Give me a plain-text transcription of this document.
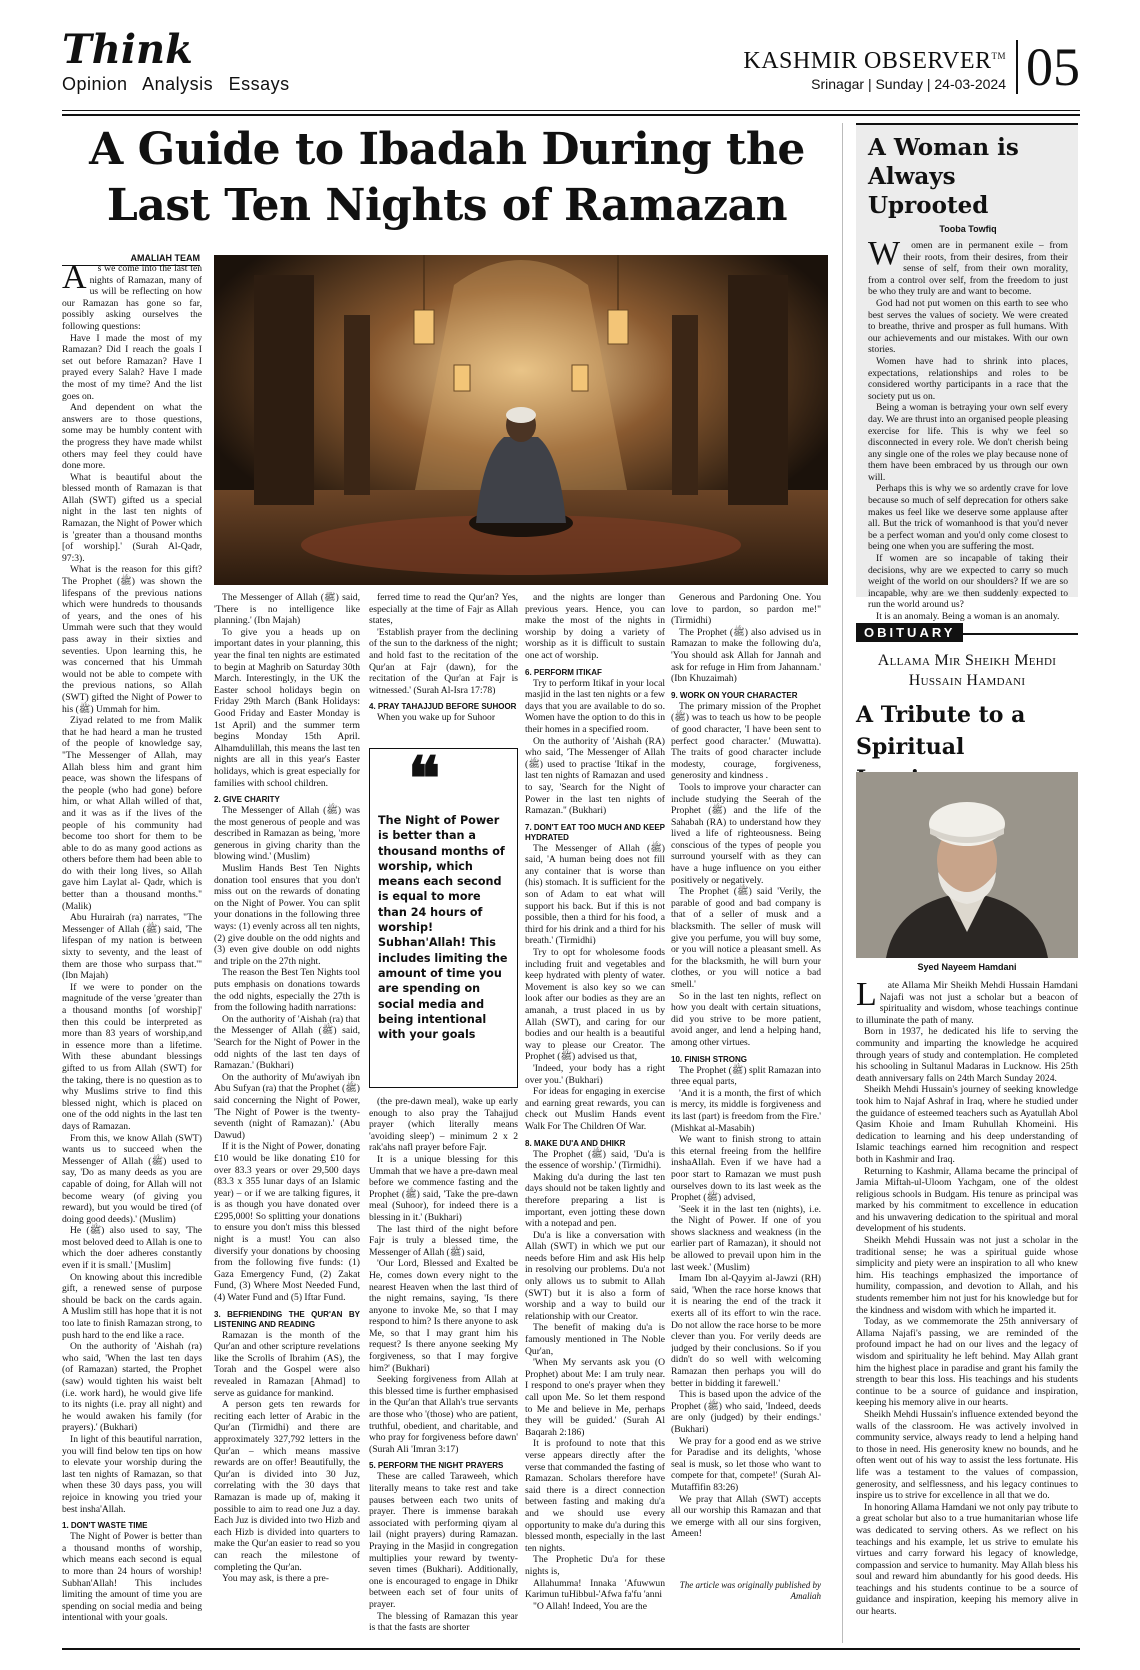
Think
Opinion Analysis Essays
KASHMIR OBSERVER™
Srinagar | Sunday | 24-03-2024 05
A Guide to Ibadah During the
Last Ten Nights of Ramazan
AMALIAH TEAM
A	s we come into the last ten nights of Ramazan, many of us will be reflecting on how our Ramazan has gone so far, possibly asking ourselves the following questions:

Have I made the most of my Ramazan? Did I reach the goals I set out before Ramazan? Have I prayed every Salah? Have I made the most of my time? And the list goes on.

And dependent on what the answers are to those questions, some may be humbly content with the progress they have made whilst others may feel they could have done more.

What is beautiful about the blessed month of Ramazan is that Allah (SWT) gifted us a special night in the last ten nights of Ramazan, the Night of Power which is 'greater than a thousand months [of worship].' (Surah Al-Qadr, 97:3).

What is the reason for this gift? The Prophet (ﷺ) was shown the lifespans of the previous nations which were hundreds to thousands of years, and the ones of his Ummah were such that they would pass away in their sixties and seventies. Upon learning this, he was concerned that his Ummah would not be able to compete with the previous nations, so Allah (SWT) gifted the Night of Power to his (ﷺ) Ummah for him.

Ziyad related to me from Malik that he had heard a man he trusted of the people of knowledge say, "The Messenger of Allah, may Allah bless him and grant him peace, was shown the lifespans of the people (who had gone) before him, or what Allah willed of that, and it was as if the lives of the people of his community had become too short for them to be able to do as many good actions as others before them had been able to do with their long lives, so Allah gave him Laylat al- Qadr, which is better than a thousand months." (Malik)

Abu Hurairah (ra) narrates, "The Messenger of Allah (ﷺ) said, 'The lifespan of my nation is between sixty to seventy, and the least of them are those who surpass that.'" (Ibn Majah)

If we were to ponder on the magnitude of the verse 'greater than a thousand months [of worship]' then this could be interpreted as more than 83 years of worship,and in essence more than a lifetime. With these abundant blessings gifted to us from Allah (SWT) for the taking, there is no question as to why Muslims strive to find this blessed night, which is placed on one of the odd nights in the last ten days of Ramazan.

From this, we know Allah (SWT) wants us to succeed when the Messenger of Allah (ﷺ) used to say, 'Do as many deeds as you are capable of doing, for Allah will not become weary (of giving you reward), but you would be tired (of doing good deeds).' (Muslim)

He (ﷺ) also used to say, 'The most beloved deed to Allah is one to which the doer adheres constantly even if it is small.' [Muslim]

On knowing about this incredible gift, a renewed sense of purpose should be back on the cards again. A Muslim still has hope that it is not too late to finish Ramazan strong, to push hard to the end like a race.

On the authority of 'Aishah (ra) who said, 'When the last ten days (of Ramazan) started, the Prophet (saw) would tighten his waist belt (i.e. work hard), he would give life to its nights (i.e. pray all night) and he would awaken his family (for prayers).' (Bukhari)

In light of this beautiful narration, you will find below ten tips on how to elevate your worship during the last ten nights of Ramazan, so that when these 30 days pass, you will rejoice in knowing you tried your best insha'Allah.

1. DON'T WASTE TIME

The Night of Power is better than a thousand months of worship, which means each second is equal to more than 24 hours of worship! Subhan'Allah! This includes limiting the amount of time you are spending on social media and being intentional with your goals.

The Messenger of Allah (ﷺ) said, 'There is no intelligence like planning.' (Ibn Majah)

To give you a heads up on important dates in your planning, this year the final ten nights are estimated to begin at Maghrib on Saturday 30th March. Interestingly, in the UK the Easter school holidays begin on Friday 29th March (Bank Holidays: Good Friday and Easter Monday is 1st April) and the summer term begins Monday 15th April. Alhamdulillah, this means the last ten nights are all in this year's Easter holidays, which is great especially for families with school children.

2. GIVE CHARITY

The Messenger of Allah (ﷺ) was the most generous of people and was described in Ramazan as being, 'more generous in giving charity than the blowing wind.' (Muslim)

Muslim Hands Best Ten Nights donation tool ensures that you don't miss out on the rewards of donating on the Night of Power. You can split your donations in the following three ways: (1) evenly across all ten nights, (2) give double on the odd nights and (3) even give double on odd nights and triple on the 27th night.

The reason the Best Ten Nights tool puts emphasis on donations towards the odd nights, especially the 27th is from the following hadith narrations:

On the authority of 'Aishah (ra) that the Messenger of Allah (ﷺ) said, 'Search for the Night of Power in the odd nights of the last ten days of Ramazan.' (Bukhari)

On the authority of Mu'awiyah ibn Abu Sufyan (ra) that the Prophet (ﷺ) said concerning the Night of Power, 'The Night of Power is the twenty-seventh (night of Ramazan).' (Abu Dawud)

If it is the Night of Power, donating £10 would be like donating £10 for over 83.3 years or over 29,500 days (83.3 x 355 lunar days of an Islamic year) – or if we are talking figures, it is as though you have donated over £295,000! So splitting your donations to ensure you don't miss this blessed night is a must! You can also diversify your donations by choosing from the following five funds: (1) Gaza Emergency Fund, (2) Zakat Fund, (3) Where Most Needed Fund, (4) Water Fund and (5) Iftar Fund.

3. BEFRIENDING THE QUR'AN BY LISTENING AND READING

Ramazan is the month of the Qur'an and other scripture revelations like the Scrolls of Ibrahim (AS), the Torah and the Gospel were also revealed in Ramazan [Ahmad] to serve as guidance for mankind.

A person gets ten rewards for reciting each letter of Arabic in the Qur'an (Tirmidhi) and there are approximately 327,792 letters in the Qur'an – which means massive rewards are on offer! Beautifully, the Qur'an is divided into 30 Juz, correlating with the 30 days that Ramazan is made up of, making it possible to aim to read one Juz a day. Each Juz is divided into two Hizb and each Hizb is divided into quarters to make the Qur'an easier to read so you can reach the milestone of completing the Qur'an.

You may ask, is there a pre-

ferred time to read the Qur'an? Yes, especially at the time of Fajr as Allah states,

'Establish prayer from the declining of the sun to the darkness of the night; and hold fast to the recitation of the Qur'an at Fajr (dawn), for the recitation of the Qur'an at Fajr is witnessed.' (Surah Al-Isra 17:78)

4. PRAY TAHAJJUD BEFORE SUHOOR

When you wake up for Suhoor

❝
The Night of Power is better than a thousand months of worship, which means each second is equal to more than 24 hours of worship! Subhan'Allah! This includes limiting the amount of time you are spending on social media and being intentional with your goals

(the pre-dawn meal), wake up early enough to also pray the Tahajjud prayer (which literally means 'avoiding sleep') – minimum 2 x 2 rak'ahs nafl prayer before Fajr.

It is a unique blessing for this Ummah that we have a pre-dawn meal before we commence fasting and the Prophet (ﷺ) said, 'Take the pre-dawn meal (Suhoor), for indeed there is a blessing in it.' (Bukhari)

The last third of the night before Fajr is truly a blessed time, the Messenger of Allah (ﷺ) said,

'Our Lord, Blessed and Exalted be He, comes down every night to the nearest Heaven when the last third of the night remains, saying, 'Is there anyone to invoke Me, so that I may respond to him? Is there anyone to ask Me, so that I may grant him his request? Is there anyone seeking My forgiveness, so that I may forgive him?' (Bukhari)

Seeking forgiveness from Allah at this blessed time is further emphasised in the Qur'an that Allah's true servants are those who '(those) who are patient, truthful, obedient, and charitable, and who pray for forgiveness before dawn' (Surah Ali 'Imran 3:17)

5. PERFORM THE NIGHT PRAYERS

These are called Taraweeh, which literally means to take rest and take pauses between each two units of prayer. There is immense barakah associated with performing qiyam al lail (night prayers) during Ramazan. Praying in the Masjid in congregation multiplies your reward by twenty-seven times (Bukhari). Additionally, one is encouraged to engage in Dhikr between each set of four units of prayer.

The blessing of Ramazan this year is that the fasts are shorter

and the nights are longer than previous years. Hence, you can make the most of the nights in worship by doing a variety of worship as it is difficult to sustain one act of worship.

6. PERFORM ITIKAF

Try to perform Itikaf in your local masjid in the last ten nights or a few days that you are available to do so. Women have the option to do this in their homes in a specified room.

On the authority of 'Aishah (RA) who said, 'The Messenger of Allah (ﷺ) used to practise 'Itikaf in the last ten nights of Ramazan and used to say, 'Search for the Night of Power in the last ten nights of Ramazan.'' (Bukhari)

7. DON'T EAT TOO MUCH AND KEEP HYDRATED

The Messenger of Allah (ﷺ) said, 'A human being does not fill any container that is worse than (his) stomach. It is sufficient for the son of Adam to eat what will support his back. But if this is not possible, then a third for his food, a third for his drink and a third for his breath.' (Tirmidhi)

Try to opt for wholesome foods including fruit and vegetables and keep hydrated with plenty of water. Movement is also key so we can look after our bodies as they are an amanah, a trust placed in us by Allah (SWT), and caring for our bodies and our health is a beautiful way to please our Creator. The Prophet (ﷺ) advised us that,

'Indeed, your body has a right over you.' (Bukhari)

For ideas for engaging in exercise and earning great rewards, you can check out Muslim Hands event Walk For The Children Of War.

8. MAKE DU'A AND DHIKR

The Prophet (ﷺ) said, 'Du'a is the essence of worship.' (Tirmidhi).

Making du'a during the last ten days should not be taken lightly and therefore preparing a list is important, even jotting these down with a notepad and pen.

Du'a is like a conversation with Allah (SWT) in which we put our needs before Him and ask His help in resolving our problems. Du'a not only allows us to submit to Allah (SWT) but it is also a form of worship and a way to build our relationship with our Creator.

The benefit of making du'a is famously mentioned in The Noble Qur'an,

'When My servants ask you (O Prophet) about Me: I am truly near. I respond to one's prayer when they call upon Me. So let them respond to Me and believe in Me, perhaps they will be guided.' (Surah Al Baqarah 2:186)

It is profound to note that this verse appears directly after the verse that commanded the fasting of Ramazan. Scholars therefore have said there is a direct connection between fasting and making du'a and we should use every opportunity to make du'a during this blessed month, especially in the last ten nights.

The Prophetic Du'a for these nights is,

Allahumma! Innaka 'Afuwwun Karimun tuHibbul-'Afwa fa'fu 'anni

"O Allah! Indeed, You are the

Generous and Pardoning One. You love to pardon, so pardon me!" (Tirmidhi)

The Prophet (ﷺ) also advised us in Ramazan to make the following du'a, 'You should ask Allah for Jannah and ask for refuge in Him from Jahannam.' (Ibn Khuzaimah)

9. WORK ON YOUR CHARACTER

The primary mission of the Prophet (ﷺ) was to teach us how to be people of good character, 'I have been sent to perfect good character.' (Muwatta). The traits of good character include modesty, courage, forgiveness, generosity and kindness .

Tools to improve your character can include studying the Seerah of the Prophet (ﷺ) and the life of the Sahabah (RA) to understand how they lived a life of righteousness. Being conscious of the types of people you surround yourself with as they can have a huge influence on you either positively or negatively.

The Prophet (ﷺ) said 'Verily, the parable of good and bad company is that of a seller of musk and a blacksmith. The seller of musk will give you perfume, you will buy some, or you will notice a pleasant smell. As for the blacksmith, he will burn your clothes, or you will notice a bad smell.'

So in the last ten nights, reflect on how you dealt with certain situations, did you strive to be more patient, avoid anger, and lend a helping hand, among other virtues.

10. FINISH STRONG

The Prophet (ﷺ) split Ramazan into three equal parts,

'And it is a month, the first of which is mercy, its middle is forgiveness and its last (part) is freedom from the Fire.' (Mishkat al-Masabih)

We want to finish strong to attain this eternal freeing from the hellfire inshaAllah. Even if we have had a poor start to Ramazan we must push ourselves down to its last week as the Prophet (ﷺ) advised,

'Seek it in the last ten (nights), i.e. the Night of Power. If one of you shows slackness and weakness (in the earlier part of Ramazan), it should not be allowed to prevail upon him in the last week.' (Muslim)

Imam Ibn al-Qayyim al-Jawzi (RH) said, 'When the race horse knows that it is nearing the end of the track it exerts all of its effort to win the race. Do not allow the race horse to be more clever than you. For verily deeds are judged by their conclusions. So if you didn't do so well with welcoming Ramazan then perhaps you will do better in bidding it farewell.'

This is based upon the advice of the Prophet (ﷺ) who said, 'Indeed, deeds are only (judged) by their endings.' (Bukhari)

We pray for a good end as we strive for Paradise and its delights, 'whose seal is musk, so let those who want to compete for that, compete!' (Surah Al-Mutaffifin 83:26)

We pray that Allah (SWT) accepts all our worship this Ramazan and that we emerge with all our sins forgiven, Ameen!

The article was originally published by Amaliah
A Woman is
Always Uprooted
Tooba Towfiq
W	omen are in permanent exile – from their roots, from their desires, from their sense of self, from their own morality, from a control over self, from the freedom to just be who they truly are and want to become.

God had not put women on this earth to see who best serves the values of society. We were created to breathe, thrive and prosper as full humans. With our achievements and our mistakes. With our own stories.

Women have had to shrink into places, expectations, relationships and roles to be considered worthy participants in a race that the society put us on.

Being a woman is betraying your own self every day. We are thrust into an organised people pleasing exercise for life. This is why we feel so disconnected in every role. We don't cherish being any single one of the roles we play because none of them have been embraced by us through our own will.

Perhaps this is why we so ardently crave for love because so much of self deprecation for others sake makes us feel like we deserve some applause after all. But the trick of womanhood is that you'd never be a perfect woman and you'd only come closest to being one when you are suffering the most.

If women are so incapable of taking their decisions, why are we expected to carry so much weight of the world on our shoulders? If we are so incapable, why are we then suddenly expected to run the world around us?

It is an anomaly. Being a woman is an anomaly.

OBITUARY
Allama Mir Sheikh Mehdi
Hussain Hamdani
A Tribute to a
Spiritual
Syed Nayeem Hamdani
L	ate Allama Mir Sheikh Mehdi Hussain Hamdani Najafi was not just a scholar but a beacon of spirituality and wisdom, whose teachings continue to illuminate the path of many.

Born in 1937, he dedicated his life to serving the community and imparting the knowledge he acquired through years of study and contemplation. He completed his schooling in Sultanul Madaras in Lucknow. His 25th death anniversary falls on 24th March Sunday 2024.

Sheikh Mehdi Hussain's journey of seeking knowledge took him to Najaf Ashraf in Iraq, where he studied under the guidance of esteemed teachers such as Ayatullah Abol Qasim Khoie and Imam Ruhullah Khomeini. His dedication to learning and his deep understanding of Islamic teachings earned him recognition and respect both in Kashmir and Iraq.

Returning to Kashmir, Allama became the principal of Jamia Miftah-ul-Uloom Yachgam, one of the oldest religious schools in Budgam. His tenure as principal was marked by his commitment to excellence in education and his unwavering dedication to the spiritual and moral development of his students.

Sheikh Mehdi Hussain was not just a scholar in the traditional sense; he was a spiritual guide whose simplicity and piety were an inspiration to all who knew him. His teachings emphasized the importance of humility, compassion, and devotion to Allah, and his students remember him not just for his knowledge but for the kindness and wisdom with which he imparted it.

Today, as we commemorate the 25th anniversary of Allama Najafi's passing, we are reminded of the profound impact he had on our lives and the legacy of wisdom and spirituality he left behind. May Allah grant him the highest place in paradise and grant his family the strength to bear this loss. His teachings and his students continue to be a source of guidance and inspiration, keeping his memory alive in our hearts.

Sheikh Mehdi Hussain's influence extended beyond the walls of the classroom. He was actively involved in community service, always ready to lend a helping hand to those in need. His generosity knew no bounds, and he often went out of his way to assist the less fortunate. His life was a testament to the values of compassion, generosity, and selflessness, and his legacy continues to inspire us to strive for excellence in all that we do.

In honoring Allama Hamdani we not only pay tribute to a great scholar but also to a true humanitarian whose life was dedicated to serving others. As we reflect on his teachings and his example, let us strive to emulate his virtues and carry forward his legacy of knowledge, compassion and service to humanity. May Allah bless his soul and reward him abundantly for his good deeds. His teachings and his students continue to be a source of guidance and inspiration, keeping his memory alive in our hearts.
